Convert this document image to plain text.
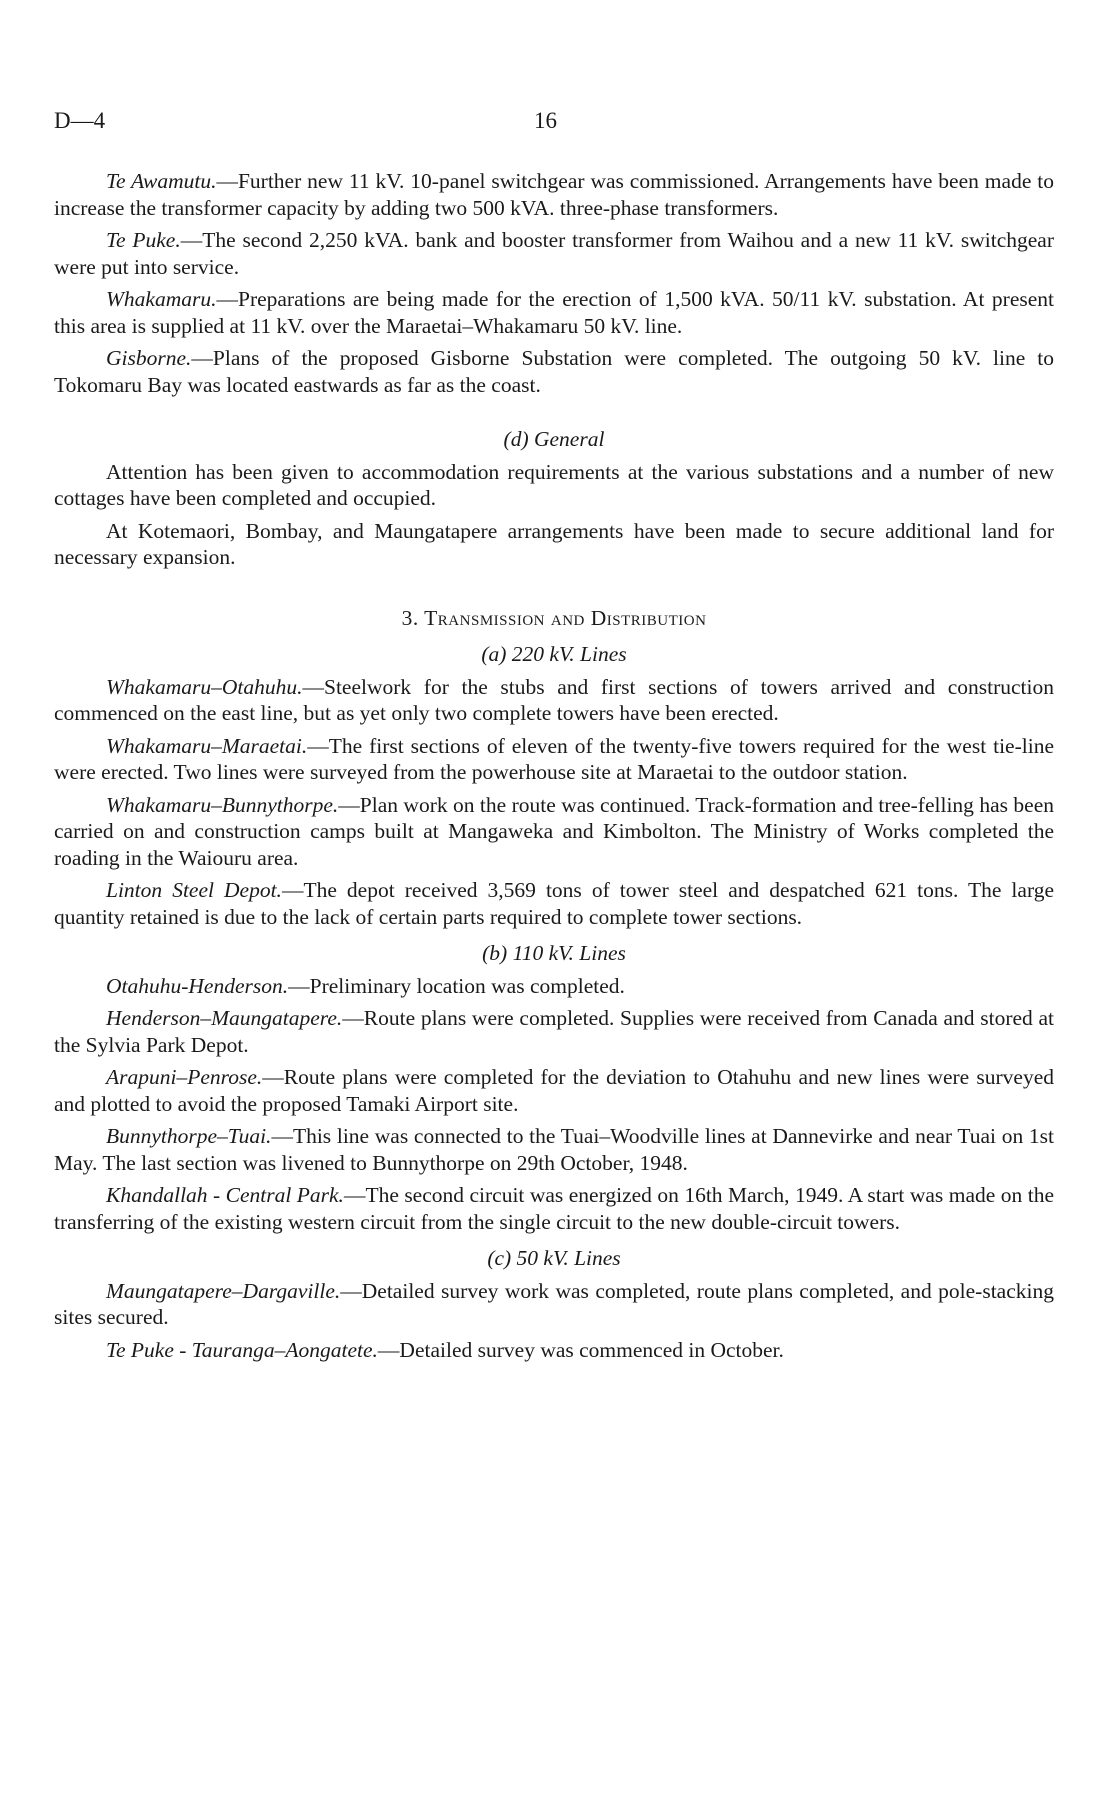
D—4	16

Te Awamutu.—Further new 11 kV. 10-panel switchgear was commissioned. Arrangements have been made to increase the transformer capacity by adding two 500 kVA. three-phase transformers.

Te Puke.—The second 2,250 kVA. bank and booster transformer from Waihou and a new 11 kV. switchgear were put into service.

Whakamaru.—Preparations are being made for the erection of 1,500 kVA. 50/11 kV. substation. At present this area is supplied at 11 kV. over the Maraetai–Whakamaru 50 kV. line.

Gisborne.—Plans of the proposed Gisborne Substation were completed. The outgoing 50 kV. line to Tokomaru Bay was located eastwards as far as the coast.

(d) General

Attention has been given to accommodation requirements at the various substations and a number of new cottages have been completed and occupied.

At Kotemaori, Bombay, and Maungatapere arrangements have been made to secure additional land for necessary expansion.

3. Transmission and Distribution
(a) 220 kV. Lines

Whakamaru–Otahuhu.—Steelwork for the stubs and first sections of towers arrived and construction commenced on the east line, but as yet only two complete towers have been erected.

Whakamaru–Maraetai.—The first sections of eleven of the twenty-five towers required for the west tie-line were erected. Two lines were surveyed from the powerhouse site at Maraetai to the outdoor station.

Whakamaru–Bunnythorpe.—Plan work on the route was continued. Track-formation and tree-felling has been carried on and construction camps built at Mangaweka and Kimbolton. The Ministry of Works completed the roading in the Waiouru area.

Linton Steel Depot.—The depot received 3,569 tons of tower steel and despatched 621 tons. The large quantity retained is due to the lack of certain parts required to complete tower sections.

(b) 110 kV. Lines

Otahuhu-Henderson.—Preliminary location was completed.

Henderson–Maungatapere.—Route plans were completed. Supplies were received from Canada and stored at the Sylvia Park Depot.

Arapuni–Penrose.—Route plans were completed for the deviation to Otahuhu and new lines were surveyed and plotted to avoid the proposed Tamaki Airport site.

Bunnythorpe–Tuai.—This line was connected to the Tuai–Woodville lines at Dannevirke and near Tuai on 1st May. The last section was livened to Bunnythorpe on 29th October, 1948.

Khandallah - Central Park.—The second circuit was energized on 16th March, 1949. A start was made on the transferring of the existing western circuit from the single circuit to the new double-circuit towers.

(c) 50 kV. Lines

Maungatapere–Dargaville.—Detailed survey work was completed, route plans completed, and pole-stacking sites secured.

Te Puke - Tauranga–Aongatete.—Detailed survey was commenced in October.
